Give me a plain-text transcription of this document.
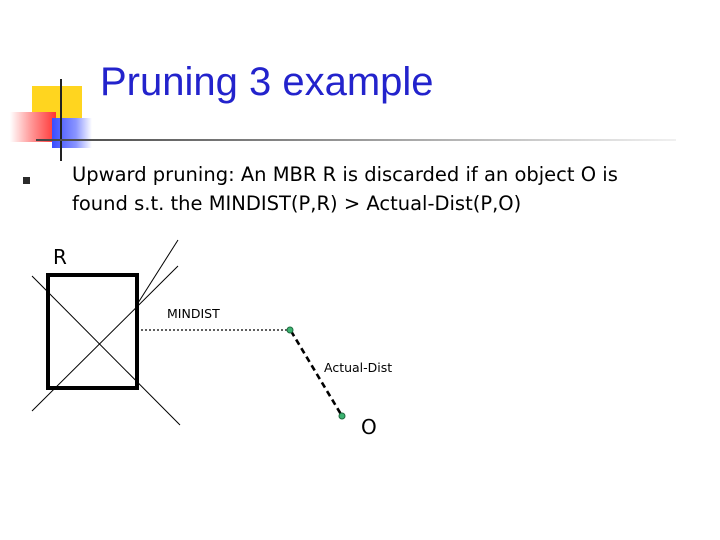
Pruning 3 example
Upward pruning: An MBR R is discarded if an object O is
found s.t. the MINDIST(P,R) > Actual-Dist(P,O)
R
MINDIST
Actual-Dist
O
